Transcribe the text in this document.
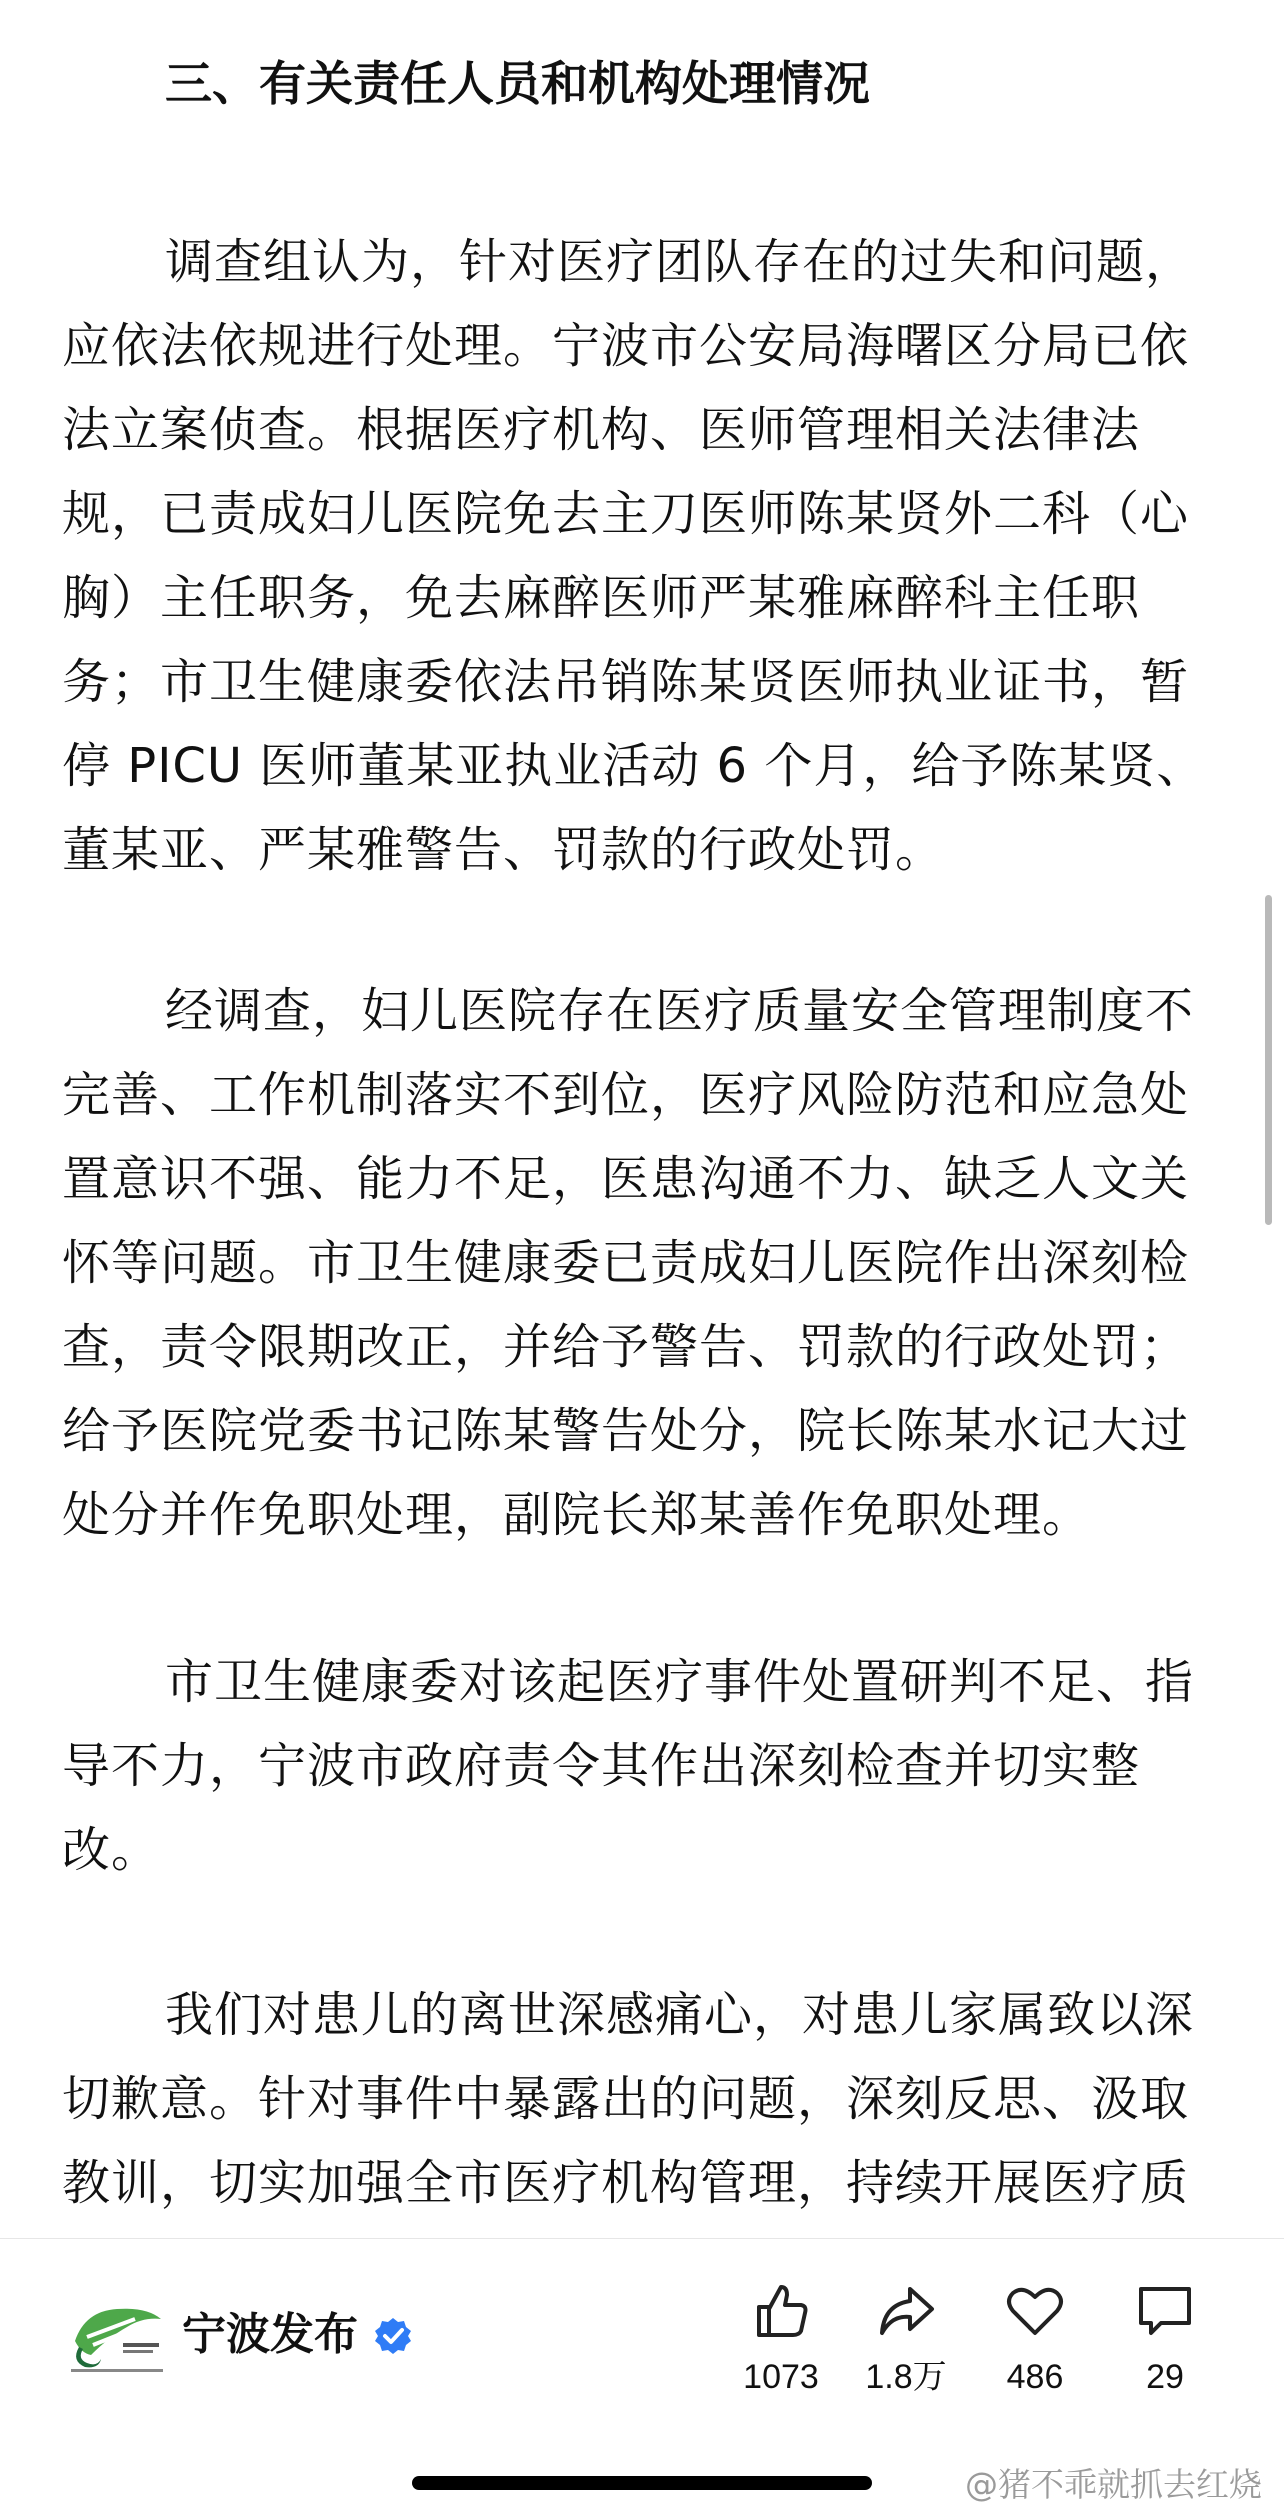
三、有关责任人员和机构处理情况
调查组认为，针对医疗团队存在的过失和问题，
应依法依规进行处理。宁波市公安局海曙区分局已依
法立案侦查。根据医疗机构、医师管理相关法律法
规，已责成妇儿医院免去主刀医师陈某贤外二科（心
胸）主任职务，免去麻醉医师严某雅麻醉科主任职
务；市卫生健康委依法吊销陈某贤医师执业证书，暂
停 PICU 医师董某亚执业活动 6 个月，给予陈某贤、
董某亚、严某雅警告、罚款的行政处罚。
经调查，妇儿医院存在医疗质量安全管理制度不
完善、工作机制落实不到位，医疗风险防范和应急处
置意识不强、能力不足，医患沟通不力、缺乏人文关
怀等问题。市卫生健康委已责成妇儿医院作出深刻检
查，责令限期改正，并给予警告、罚款的行政处罚；
给予医院党委书记陈某警告处分，院长陈某水记大过
处分并作免职处理，副院长郑某善作免职处理。
市卫生健康委对该起医疗事件处置研判不足、指
导不力，宁波市政府责令其作出深刻检查并切实整
改。
我们对患儿的离世深感痛心，对患儿家属致以深
切歉意。针对事件中暴露出的问题，深刻反思、汲取
教训，切实加强全市医疗机构管理，持续开展医疗质
宁波发布
1073	1.8万	486	29
@猪不乖就抓去红烧
